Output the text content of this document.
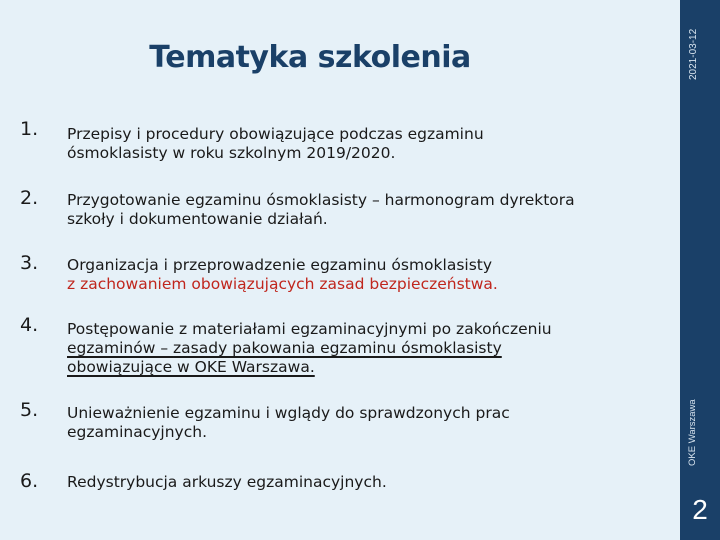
Tematyka szkolenia
1. Przepisy i procedury obowiązujące podczas egzaminu
ósmoklasisty w roku szkolnym 2019/2020.
2. Przygotowanie egzaminu ósmoklasisty – harmonogram dyrektora
szkoły i dokumentowanie działań.
3. Organizacja i przeprowadzenie egzaminu ósmoklasisty
z zachowaniem obowiązujących zasad bezpieczeństwa.
4. Postępowanie z materiałami egzaminacyjnymi po zakończeniu
egzaminów – zasady pakowania egzaminu ósmoklasisty
obowiązujące w OKE Warszawa.
5. Unieważnienie egzaminu i wglądy do sprawdzonych prac
egzaminacyjnych.
6. Redystrybucja arkuszy egzaminacyjnych.
2021-03-12
OKE Warszawa
2
